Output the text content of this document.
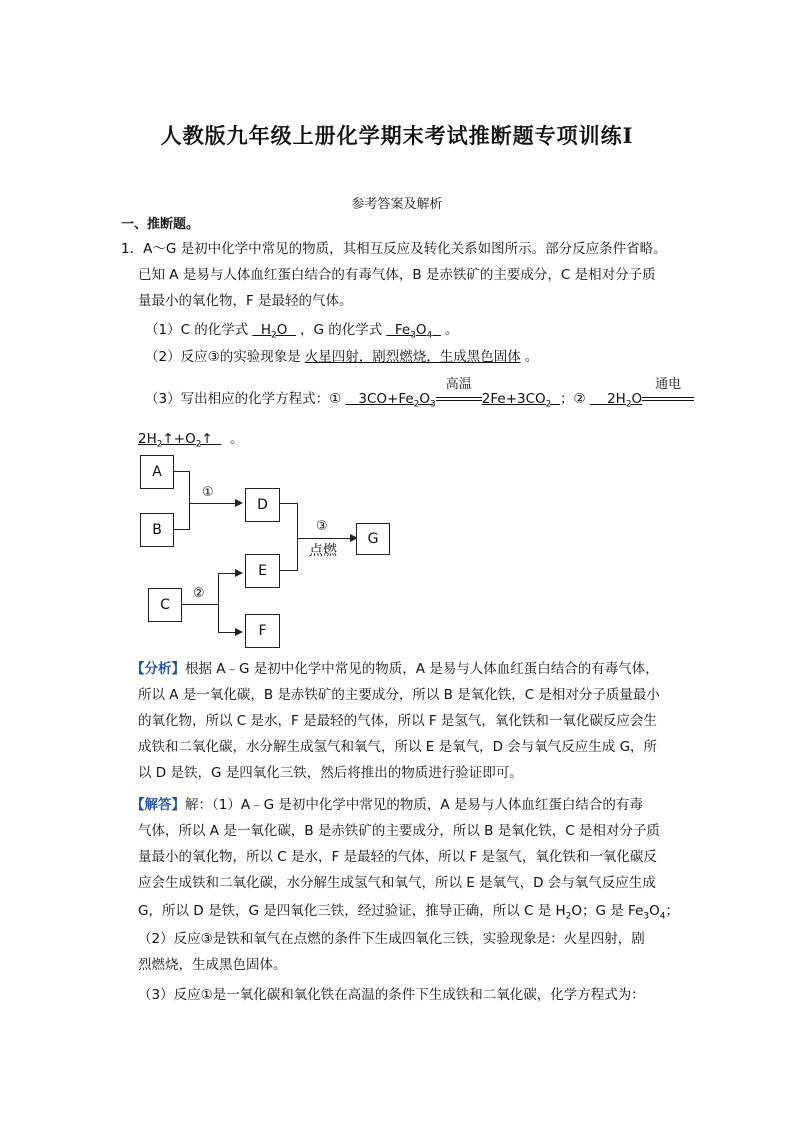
人教版九年级上册化学期末考试推断题专项训练Ⅰ
参考答案及解析
一、推断题。
1．A～G 是初中化学中常见的物质，其相互反应及转化关系如图所示。部分反应条件省略。
已知 A 是易与人体血红蛋白结合的有毒气体，B 是赤铁矿的主要成分，C 是相对分子质
量最小的氧化物，F 是最轻的气体。
（1）C 的化学式  $H_2O$  ，G 的化学式  $Fe_3O_4$ 。
（2）反应③的实验现象是 火星四射，剧烈燃烧，生成黑色固体 。
（3）写出相应的化学方程式：① $3CO+Fe_2O_3$
高温
$2Fe+3CO_2$ ；② $2H_2O$
通电
$2H_2↑+O_2↑$ 。
A
B
①
D
C
②
E
F
③
点燃
G
【分析】根据 A﹣G 是初中化学中常见的物质，A 是易与人体血红蛋白结合的有毒气体，
所以 A 是一氧化碳，B 是赤铁矿的主要成分，所以 B 是氧化铁，C 是相对分子质量最小
的氧化物，所以 C 是水，F 是最轻的气体，所以 F 是氢气，氧化铁和一氧化碳反应会生
成铁和二氧化碳，水分解生成氢气和氧气，所以 E 是氧气，D 会与氧气反应生成 G，所
以 D 是铁，G 是四氧化三铁，然后将推出的物质进行验证即可。
【解答】解：（1）A﹣G 是初中化学中常见的物质，A 是易与人体血红蛋白结合的有毒
气体，所以 A 是一氧化碳，B 是赤铁矿的主要成分，所以 B 是氧化铁，C 是相对分子质
量最小的氧化物，所以 C 是水，F 是最轻的气体，所以 F 是氢气，氧化铁和一氧化碳反
应会生成铁和二氧化碳，水分解生成氢气和氧气，所以 E 是氧气，D 会与氧气反应生成
G，所以 D 是铁，G 是四氧化三铁，经过验证，推导正确，所以 C 是 $H_2O$；G 是 $Fe_3O_4$；
（2）反应③是铁和氧气在点燃的条件下生成四氧化三铁，实验现象是：火星四射，剧
烈燃烧，生成黑色固体。
（3）反应①是一氧化碳和氧化铁在高温的条件下生成铁和二氧化碳，化学方程式为：
